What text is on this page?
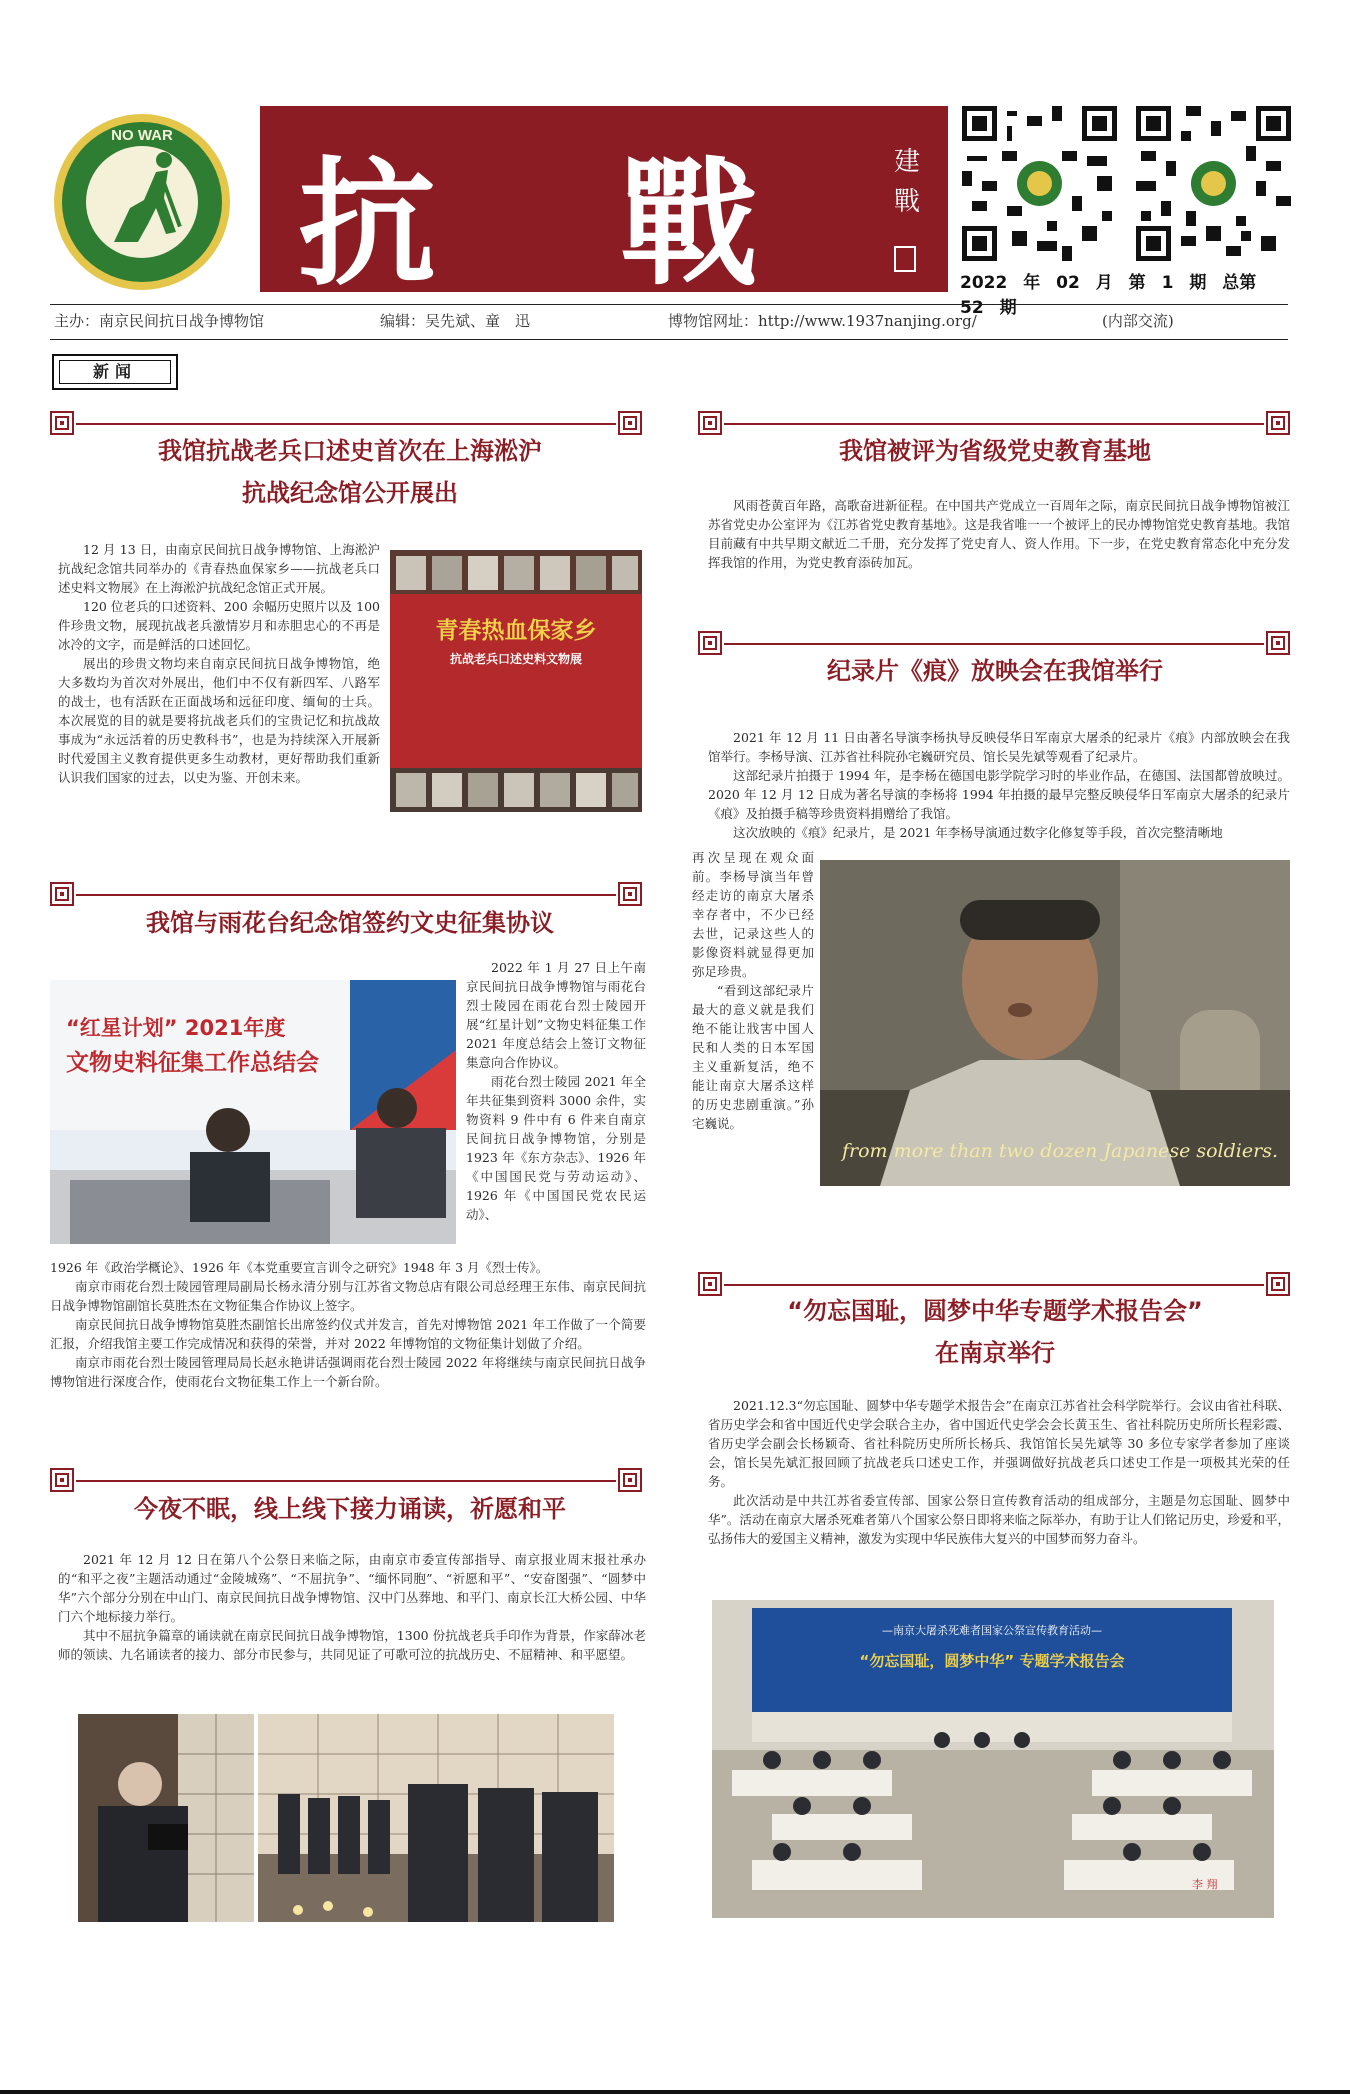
NO WAR
抗 戰	建 戰
2022 年 02 月 第 1 期 总第 52 期
主办：南京民间抗日战争博物馆	编辑：吴先斌、童　迅	博物馆网址：http://www.1937nanjing.org/	(内部交流)
新闻
我馆抗战老兵口述史首次在上海淞沪
抗战纪念馆公开展出

12 月 13 日，由南京民间抗日战争博物馆、上海淞沪抗战纪念馆共同举办的《青春热血保家乡——抗战老兵口述史料文物展》在上海淞沪抗战纪念馆正式开展。

120 位老兵的口述资料、200 余幅历史照片以及 100 件珍贵文物，展现抗战老兵激情岁月和赤胆忠心的不再是冰冷的文字，而是鲜活的口述回忆。

展出的珍贵文物均来自南京民间抗日战争博物馆，绝大多数均为首次对外展出，他们中不仅有新四军、八路军的战士，也有活跃在正面战场和远征印度、缅甸的士兵。本次展览的目的就是要将抗战老兵们的宝贵记忆和抗战故事成为“永远活着的历史教科书”，也是为持续深入开展新时代爱国主义教育提供更多生动教材，更好帮助我们重新认识我们国家的过去，以史为鉴、开创未来。

青春热血保家乡
抗战老兵口述史料文物展
我馆与雨花台纪念馆签约文史征集协议
“红星计划” 2021年度
文物史料征集工作总结会

2022 年 1 月 27 日上午南京民间抗日战争博物馆与雨花台烈士陵园在雨花台烈士陵园开展“红星计划”文物史料征集工作 2021 年度总结会上签订文物征集意向合作协议。

雨花台烈士陵园 2021 年全年共征集到资料 3000 余件，实物资料 9 件中有 6 件来自南京民间抗日战争博物馆，分别是 1923 年《东方杂志》、1926 年《中国国民党与劳动运动》、1926 年《中国国民党农民运动》、

1926 年《政治学概论》、1926 年《本党重要宣言训令之研究》1948 年 3 月《烈士传》。

南京市雨花台烈士陵园管理局副局长杨永清分别与江苏省文物总店有限公司总经理王东伟、南京民间抗日战争博物馆副馆长莫胜杰在文物征集合作协议上签字。

南京民间抗日战争博物馆莫胜杰副馆长出席签约仪式并发言，首先对博物馆 2021 年工作做了一个简要汇报，介绍我馆主要工作完成情况和获得的荣誉，并对 2022 年博物馆的文物征集计划做了介绍。

南京市雨花台烈士陵园管理局局长赵永艳讲话强调雨花台烈士陵园 2022 年将继续与南京民间抗日战争博物馆进行深度合作，使雨花台文物征集工作上一个新台阶。

今夜不眠，线上线下接力诵读，祈愿和平

2021 年 12 月 12 日在第八个公祭日来临之际，由南京市委宣传部指导、南京报业周末报社承办的“和平之夜”主题活动通过“金陵城殇”、“不屈抗争”、“缅怀同胞”、“祈愿和平”、“安奋图强”、“圆梦中华”六个部分分别在中山门、南京民间抗日战争博物馆、汉中门丛葬地、和平门、南京长江大桥公园、中华门六个地标接力举行。

其中不屈抗争篇章的诵读就在南京民间抗日战争博物馆，1300 份抗战老兵手印作为背景，作家薛冰老师的领读、九名诵读者的接力、部分市民参与，共同见证了可歌可泣的抗战历史、不屈精神、和平愿望。

我馆被评为省级党史教育基地

风雨苍黄百年路，高歌奋进新征程。在中国共产党成立一百周年之际，南京民间抗日战争博物馆被江苏省党史办公室评为《江苏省党史教育基地》。这是我省唯一一个被评上的民办博物馆党史教育基地。我馆目前藏有中共早期文献近二千册，充分发挥了党史育人、资人作用。下一步，在党史教育常态化中充分发挥我馆的作用，为党史教育添砖加瓦。

纪录片《痕》放映会在我馆举行

2021 年 12 月 11 日由著名导演李杨执导反映侵华日军南京大屠杀的纪录片《痕》内部放映会在我馆举行。李杨导演、江苏省社科院孙宅巍研究员、馆长吴先斌等观看了纪录片。

这部纪录片拍摄于 1994 年，是李杨在德国电影学院学习时的毕业作品，在德国、法国都曾放映过。2020 年 12 月 12 日成为著名导演的李杨将 1994 年拍摄的最早完整反映侵华日军南京大屠杀的纪录片《痕》及拍摄手稿等珍贵资料捐赠给了我馆。

这次放映的《痕》纪录片，是 2021 年李杨导演通过数字化修复等手段，首次完整清晰地

再次呈现在观众面前。李杨导演当年曾经走访的南京大屠杀幸存者中，不少已经去世，记录这些人的影像资料就显得更加弥足珍贵。

“看到这部纪录片最大的意义就是我们绝不能让戕害中国人民和人类的日本军国主义重新复活，绝不能让南京大屠杀这样的历史悲剧重演。”孙宅巍说。

from more than two dozen Japanese soldiers.
“勿忘国耻，圆梦中华专题学术报告会”
在南京举行

2021.12.3“勿忘国耻、圆梦中华专题学术报告会”在南京江苏省社会科学院举行。会议由省社科联、省历史学会和省中国近代史学会联合主办，省中国近代史学会会长黄玉生、省社科院历史所所长程彩霞、省历史学会副会长杨颖奇、省社科院历史所所长杨兵、我馆馆长吴先斌等 30 多位专家学者参加了座谈会，馆长吴先斌汇报回顾了抗战老兵口述史工作，并强调做好抗战老兵口述史工作是一项极其光荣的任务。

此次活动是中共江苏省委宣传部、国家公祭日宣传教育活动的组成部分，主题是勿忘国耻、圆梦中华”。活动在南京大屠杀死难者第八个国家公祭日即将来临之际举办，有助于让人们铭记历史，珍爱和平，弘扬伟大的爱国主义精神，激发为实现中华民族伟大复兴的中国梦而努力奋斗。

—南京大屠杀死难者国家公祭宣传教育活动—
“勿忘国耻，圆梦中华” 专题学术报告会
李 翔
